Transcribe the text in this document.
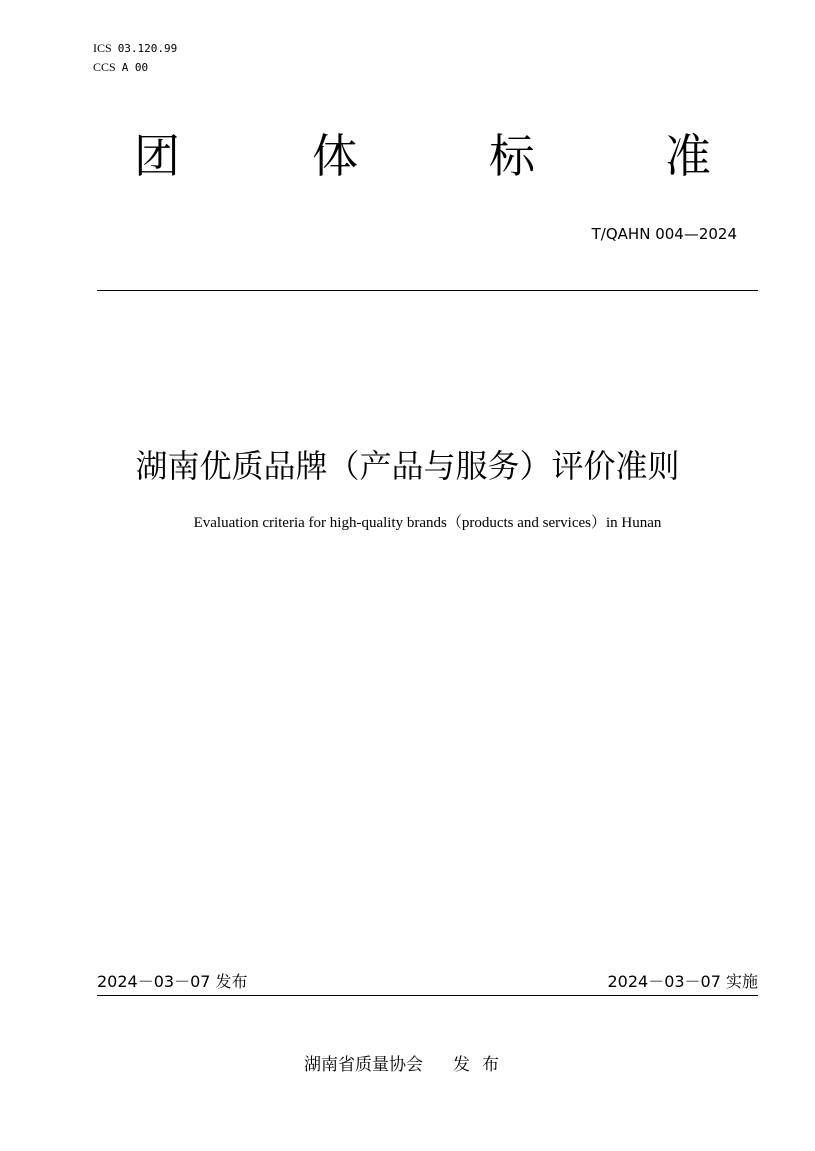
ICS 03.120.99
CCS A 00
团	体	标	准
T/QAHN 004—2024
湖南优质品牌（产品与服务）评价准则
Evaluation criteria for high-quality brands（products and services）in Hunan
2024－03－07 发布	2024－03－07 实施
湖南省质量协会 发布
